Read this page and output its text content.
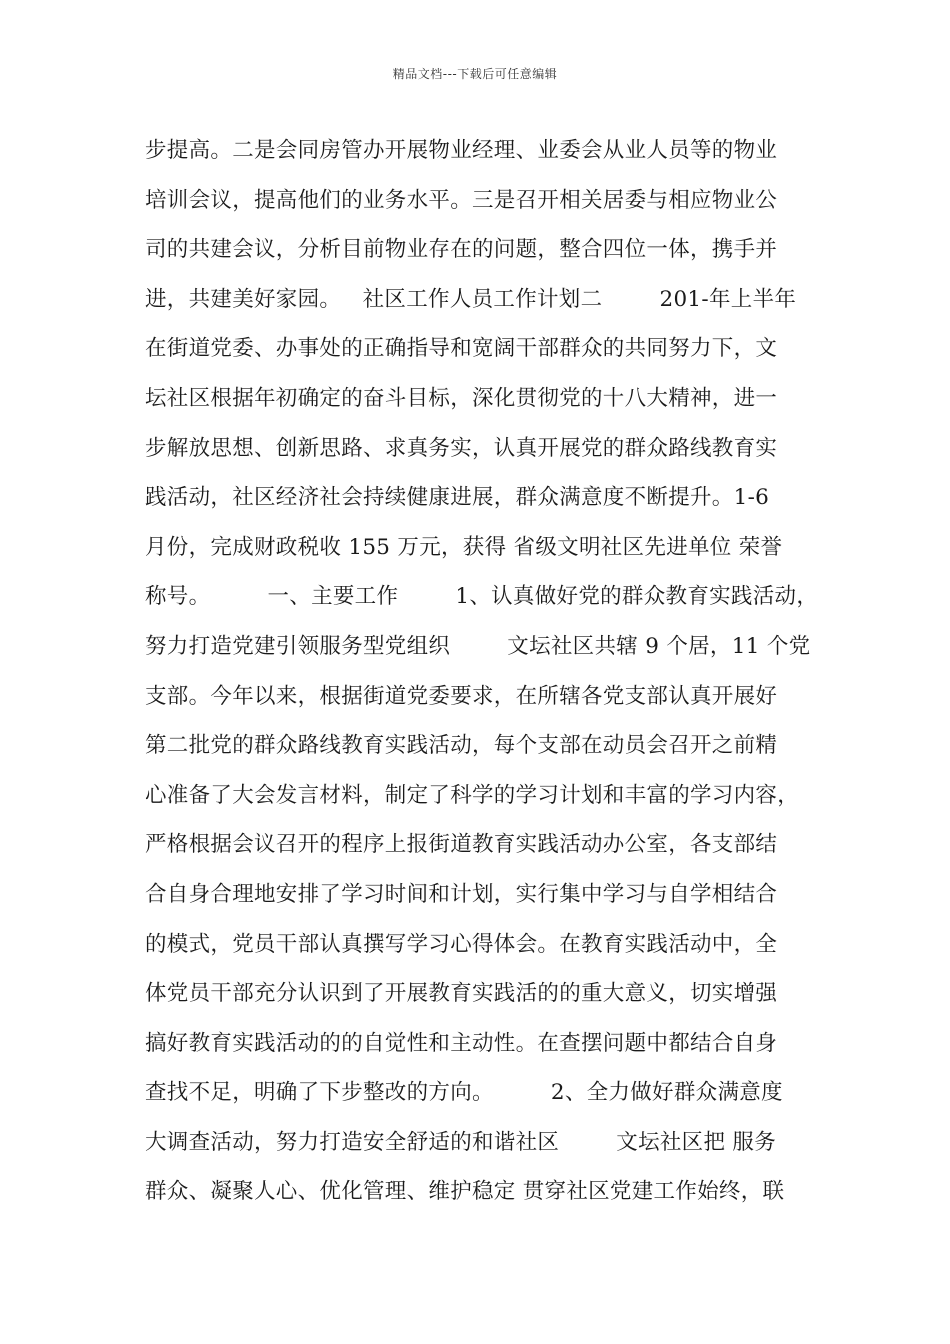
精品文档---下载后可任意编辑
步提高。二是会同房管办开展物业经理、业委会从业人员等的物业
培训会议，提高他们的业务水平。三是召开相关居委与相应物业公
司的共建会议，分析目前物业存在的问题，整合四位一体，携手并
进，共建美好家园。   社区工作人员工作计划二        201-年上半年
在街道党委、办事处的正确指导和宽阔干部群众的共同努力下，文
坛社区根据年初确定的奋斗目标，深化贯彻党的十八大精神，进一
步解放思想、创新思路、求真务实，认真开展党的群众路线教育实
践活动，社区经济社会持续健康进展，群众满意度不断提升。1-6
月份，完成财政税收 155 万元，获得 省级文明社区先进单位 荣誉
称号。        一、主要工作        1、认真做好党的群众教育实践活动，
努力打造党建引领服务型党组织        文坛社区共辖 9 个居，11 个党
支部。今年以来，根据街道党委要求，在所辖各党支部认真开展好
第二批党的群众路线教育实践活动，每个支部在动员会召开之前精
心准备了大会发言材料，制定了科学的学习计划和丰富的学习内容，
严格根据会议召开的程序上报街道教育实践活动办公室，各支部结
合自身合理地安排了学习时间和计划，实行集中学习与自学相结合
的模式，党员干部认真撰写学习心得体会。在教育实践活动中，全
体党员干部充分认识到了开展教育实践活的的重大意义，切实增强
搞好教育实践活动的的自觉性和主动性。在查摆问题中都结合自身
查找不足，明确了下步整改的方向。        2、全力做好群众满意度
大调查活动，努力打造安全舒适的和谐社区        文坛社区把 服务
群众、凝聚人心、优化管理、维护稳定 贯穿社区党建工作始终，联
